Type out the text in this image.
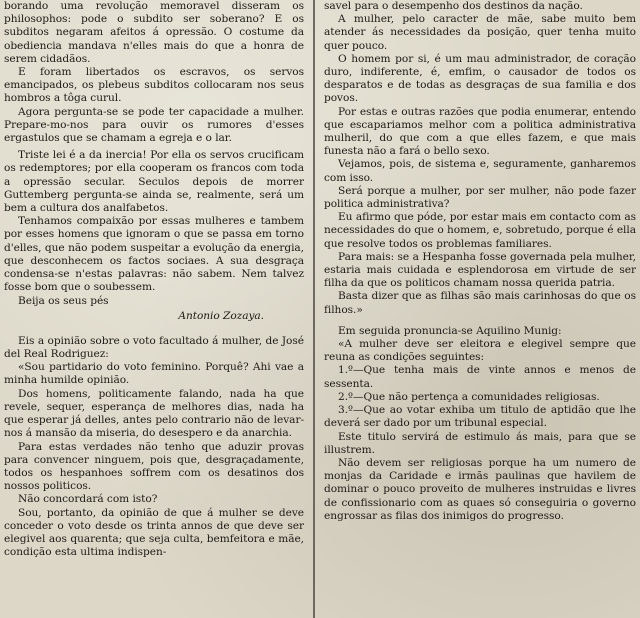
borando uma revolução memoravel disseram os philosophos: pode o subdito ser soberano? E os subditos negaram afeitos á opressão. O costume da obediencia mandava n'elles mais do que a honra de serem cidadãos.

E foram libertados os escravos, os servos emancipados, os plebeus subditos collocaram nos seus hombros a tôga curul.

Agora pergunta-se se pode ter capacidade a mulher. Prepare-mo-nos para ouvir os rumores d'esses ergastulos que se chamam a egreja e o lar.

Triste lei é a da inercia! Por ella os servos crucificam os redemptores; por ella cooperam os francos com toda a opressão secular. Seculos depois de morrer Guttemberg pergunta-se ainda se, realmente, será um bem a cultura dos analfabetos.

Tenhamos compaixão por essas mulheres e tambem por esses homens que ignoram o que se passa em torno d'elles, que não podem suspeitar a evolução da energia, que desconhecem os factos sociaes. A sua desgraça condensa-se n'estas palavras: não sabem. Nem talvez fosse bom que o soubessem.

Beija os seus pés

Antonio Zozaya.

Eis a opinião sobre o voto facultado á mulher, de José del Real Rodriguez:

«Sou partidario do voto feminino. Porquê? Ahi vae a minha humilde opinião.

Dos homens, politicamente falando, nada ha que revele, sequer, esperança de melhores dias, nada ha que esperar já delles, antes pelo contrario não de levar-nos á mansão da miseria, do desespero e da anarchia.

Para estas verdades não tenho que aduzir provas para convencer ninguem, pois que, desgraçadamente, todos os hespanhoes soffrem com os desatinos dos nossos politicos.

Não concordará com isto?

Sou, portanto, da opinião de que á mulher se deve conceder o voto desde os trinta annos de que deve ser elegivel aos quarenta; que seja culta, bemfeitora e mãe, condição esta ultima indispen-

savel para o desempenho dos destinos da nação.

A mulher, pelo caracter de mãe, sabe muito bem atender ás necessidades da posição, quer tenha muito quer pouco.

O homem por si, é um mau administrador, de coração duro, indiferente, é, emfim, o causador de todos os desparatos e de todas as desgraças de sua familia e dos povos.

Por estas e outras razões que podia enumerar, entendo que escapariamos melhor com a politica administrativa mulheril, do que com a que elles fazem, e que mais funesta não a fará o bello sexo.

Vejamos, pois, de sistema e, seguramente, ganharemos com isso.

Será porque a mulher, por ser mulher, não pode fazer politica administrativa?

Eu afirmo que póde, por estar mais em contacto com as necessidades do que o homem, e, sobretudo, porque é ella que resolve todos os problemas familiares.

Para mais: se a Hespanha fosse governada pela mulher, estaria mais cuidada e esplendorosa em virtude de ser filha da que os politicos chamam nossa querida patria.

Basta dizer que as filhas são mais carinhosas do que os filhos.»

Em seguida pronuncia-se Aquilino Munig:

«A mulher deve ser eleitora e elegivel sempre que reuna as condições seguintes:

1.º—Que tenha mais de vinte annos e menos de sessenta.

2.º—Que não pertença a comunidades religiosas.

3.º—Que ao votar exhiba um titulo de aptidão que lhe deverá ser dado por um tribunal especial.

Este titulo servirá de estimulo ás mais, para que se illustrem.

Não devem ser religiosas porque ha um numero de monjas da Caridade e irmãs paulinas que havilem de dominar o pouco proveito de mulheres instruidas e livres de confissionario com as quaes só conseguiria o governo engrossar as filas dos inimigos do progresso.
